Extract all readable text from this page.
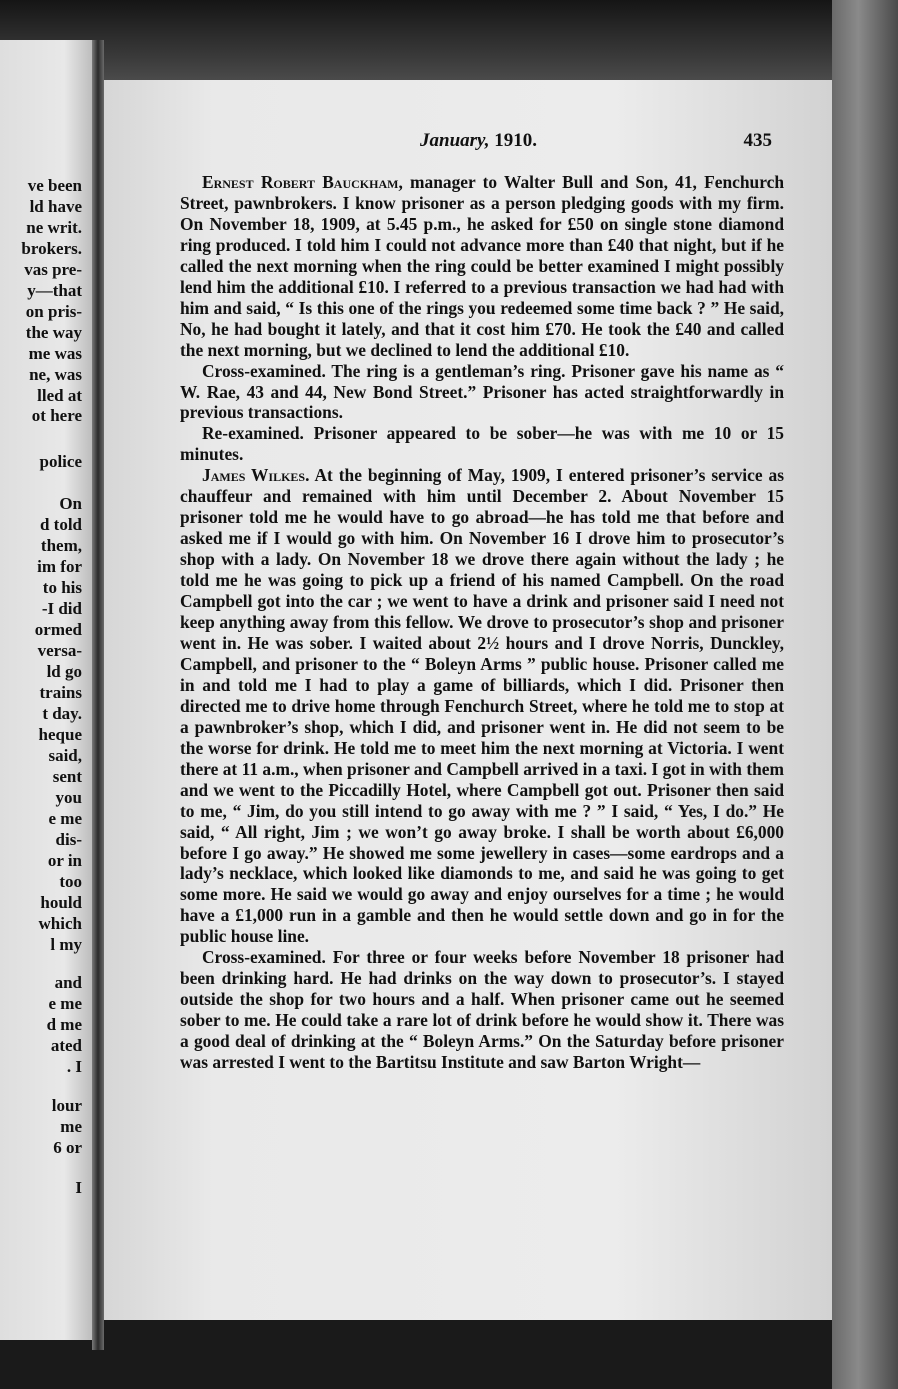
ve been
ld have
ne writ.
brokers.
vas pre-
y—that
on pris-
the way
me was
ne, was
lled at
ot here
police
On
d told
them,
im for
to his
-I did
ormed
versa-
ld go
trains
t day.
heque
said,
sent
you
e me
dis-
or in
too
hould
which
l my
and
e me
d me
ated
. I
lour
me
6 or
I
January, 1910.	435

Ernest Robert Bauckham, manager to Walter Bull and Son, 41, Fenchurch Street, pawnbrokers. I know prisoner as a person pledging goods with my firm. On November 18, 1909, at 5.45 p.m., he asked for £50 on single stone diamond ring produced. I told him I could not advance more than £40 that night, but if he called the next morning when the ring could be better examined I might possibly lend him the additional £10. I referred to a previous transaction we had had with him and said, “ Is this one of the rings you redeemed some time back ? ” He said, No, he had bought it lately, and that it cost him £70. He took the £40 and called the next morning, but we declined to lend the additional £10.

Cross-examined. The ring is a gentleman’s ring. Prisoner gave his name as “ W. Rae, 43 and 44, New Bond Street.” Prisoner has acted straightforwardly in previous transactions.

Re-examined. Prisoner appeared to be sober—he was with me 10 or 15 minutes.

James Wilkes. At the beginning of May, 1909, I entered prisoner’s service as chauffeur and remained with him until December 2. About November 15 prisoner told me he would have to go abroad—he has told me that before and asked me if I would go with him. On November 16 I drove him to prosecutor’s shop with a lady. On November 18 we drove there again without the lady ; he told me he was going to pick up a friend of his named Campbell. On the road Campbell got into the car ; we went to have a drink and prisoner said I need not keep anything away from this fellow. We drove to prosecutor’s shop and prisoner went in. He was sober. I waited about 2½ hours and I drove Norris, Dunckley, Campbell, and prisoner to the “ Boleyn Arms ” public house. Prisoner called me in and told me I had to play a game of billiards, which I did. Prisoner then directed me to drive home through Fenchurch Street, where he told me to stop at a pawnbroker’s shop, which I did, and prisoner went in. He did not seem to be the worse for drink. He told me to meet him the next morning at Victoria. I went there at 11 a.m., when prisoner and Campbell arrived in a taxi. I got in with them and we went to the Piccadilly Hotel, where Campbell got out. Prisoner then said to me, “ Jim, do you still intend to go away with me ? ” I said, “ Yes, I do.” He said, “ All right, Jim ; we won’t go away broke. I shall be worth about £6,000 before I go away.” He showed me some jewellery in cases—some eardrops and a lady’s necklace, which looked like diamonds to me, and said he was going to get some more. He said we would go away and enjoy ourselves for a time ; he would have a £1,000 run in a gamble and then he would settle down and go in for the public house line.

Cross-examined. For three or four weeks before November 18 prisoner had been drinking hard. He had drinks on the way down to prosecutor’s. I stayed outside the shop for two hours and a half. When prisoner came out he seemed sober to me. He could take a rare lot of drink before he would show it. There was a good deal of drinking at the “ Boleyn Arms.” On the Saturday before prisoner was arrested I went to the Bartitsu Institute and saw Barton Wright—
